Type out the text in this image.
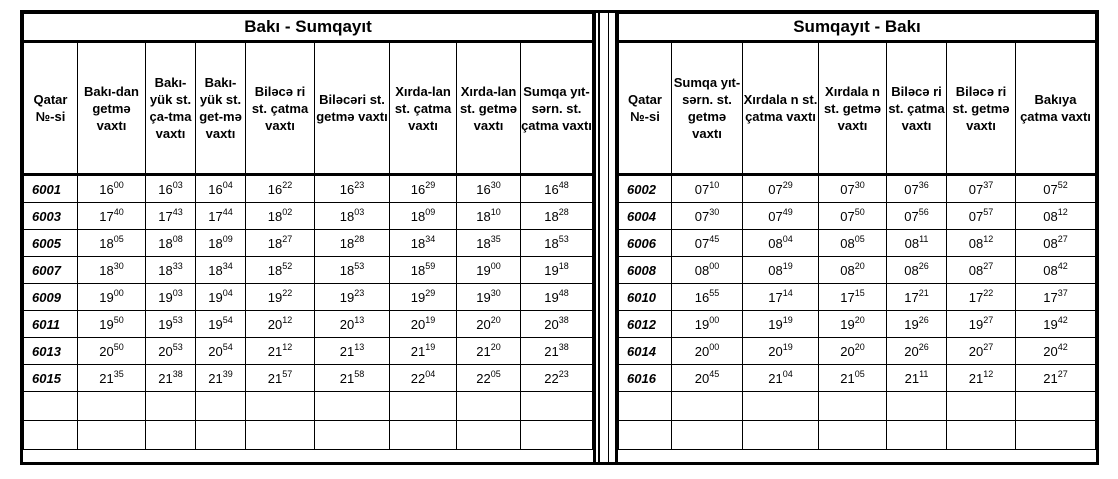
Bakı - Sumqayıt								
Qatar №-si	Bakı-dan getmə vaxtı	Bakı-yük st. ça-tma vaxtı	Bakı-yük st. get-mə vaxtı	Biləcə ri st. çatma vaxtı	Biləcəri st. getmə vaxtı	Xırda-lan st. çatma vaxtı	Xırda-lan st. getmə vaxtı	Sumqa yıt-sərn. st. çatma vaxtı
6001	$16^{00}$	$16^{03}$	$16^{04}$	$16^{22}$	$16^{23}$	$16^{29}$	$16^{30}$	$16^{48}$
6003	$17^{40}$	$17^{43}$	$17^{44}$	$18^{02}$	$18^{03}$	$18^{09}$	$18^{10}$	$18^{28}$
6005	$18^{05}$	$18^{08}$	$18^{09}$	$18^{27}$	$18^{28}$	$18^{34}$	$18^{35}$	$18^{53}$
6007	$18^{30}$	$18^{33}$	$18^{34}$	$18^{52}$	$18^{53}$	$18^{59}$	$19^{00}$	$19^{18}$
6009	$19^{00}$	$19^{03}$	$19^{04}$	$19^{22}$	$19^{23}$	$19^{29}$	$19^{30}$	$19^{48}$
6011	$19^{50}$	$19^{53}$	$19^{54}$	$20^{12}$	$20^{13}$	$20^{19}$	$20^{20}$	$20^{38}$
6013	$20^{50}$	$20^{53}$	$20^{54}$	$21^{12}$	$21^{13}$	$21^{19}$	$21^{20}$	$21^{38}$
6015	$21^{35}$	$21^{38}$	$21^{39}$	$21^{57}$	$21^{58}$	$22^{04}$	$22^{05}$	$22^{23}$

Sumqayıt - Bakı						
Qatar №-si	Sumqa yıt-sərn. st. getmə vaxtı	Xırdala n st. çatma vaxtı	Xırdala n st. getmə vaxtı	Biləcə ri st. çatma vaxtı	Biləcə ri st. getmə vaxtı	Bakıya çatma vaxtı
6002	$07^{10}$	$07^{29}$	$07^{30}$	$07^{36}$	$07^{37}$	$07^{52}$
6004	$07^{30}$	$07^{49}$	$07^{50}$	$07^{56}$	$07^{57}$	$08^{12}$
6006	$07^{45}$	$08^{04}$	$08^{05}$	$08^{11}$	$08^{12}$	$08^{27}$
6008	$08^{00}$	$08^{19}$	$08^{20}$	$08^{26}$	$08^{27}$	$08^{42}$
6010	$16^{55}$	$17^{14}$	$17^{15}$	$17^{21}$	$17^{22}$	$17^{37}$
6012	$19^{00}$	$19^{19}$	$19^{20}$	$19^{26}$	$19^{27}$	$19^{42}$
6014	$20^{00}$	$20^{19}$	$20^{20}$	$20^{26}$	$20^{27}$	$20^{42}$
6016	$20^{45}$	$21^{04}$	$21^{05}$	$21^{11}$	$21^{12}$	$21^{27}$
